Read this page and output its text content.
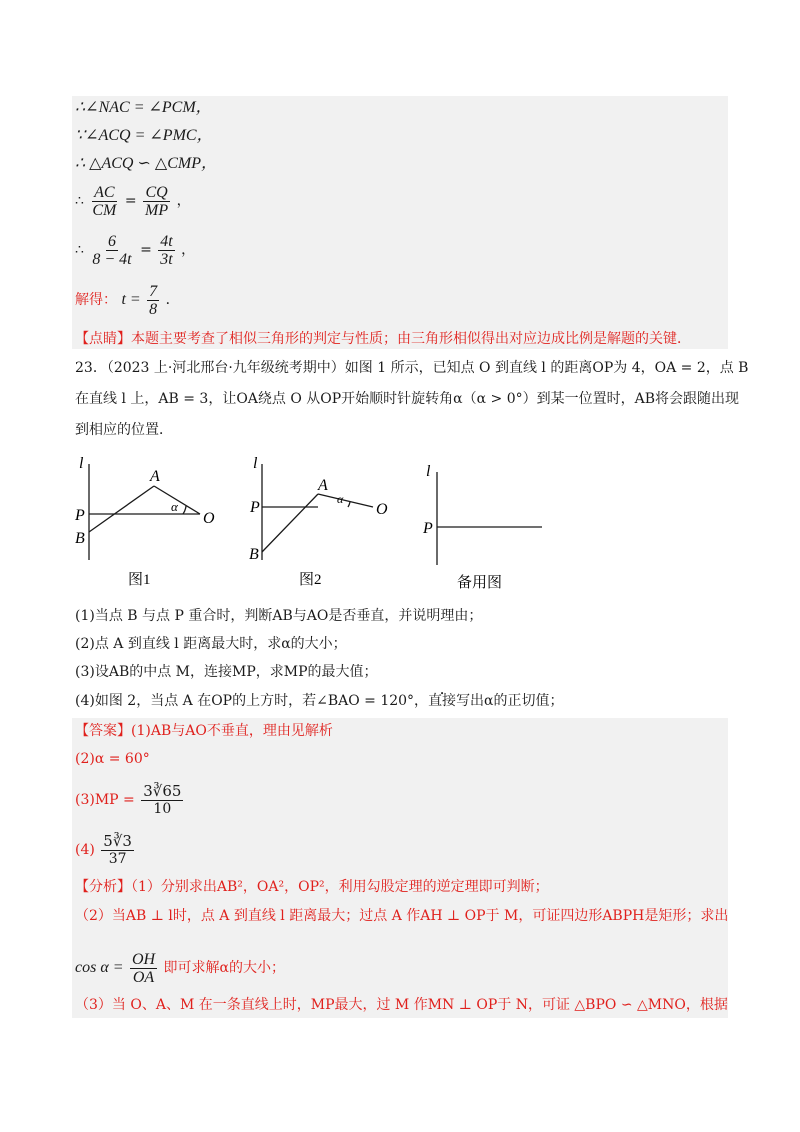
∴∠NAC = ∠PCM，
∵∠ACQ = ∠PMC，
∴ △ACQ ∽ △CMP，
∴ $\frac{AC}{CM} = \frac{CQ}{MP}$ ，
∴ $\frac{6}{8 - 4t} = \frac{4t}{3t}$ ，
解得： $t = \frac{7}{8}$ ．
【点睛】本题主要考查了相似三角形的判定与性质；由三角形相似得出对应边成比例是解题的关键．
23．（2023 上·河北邢台·九年级统考期中）如图 1 所示，已知点 O 到直线 l 的距离OP为 4，OA = 2，点 B
在直线 l 上，AB = 3，让OA绕点 O 从OP开始顺时针旋转角α（α > 0°）到某一位置时，AB将会跟随出现
到相应的位置．
l
A
P	O
B
α
l
A
P	O
B
α
l
P
图1	图2	备用图
(1)当点 B 与点 P 重合时，判断AB与AO是否垂直，并说明理由；
(2)点 A 到直线 l 距离最大时，求α的大小；
(3)设AB的中点 M，连接MP，求MP的最大值；
(4)如图 2，当点 A 在OP的上方时，若∠BAO = 120°，直接写出α的正切值；
【答案】(1)AB与AO不垂直，理由见解析
(2)α = 60°
$(3)MP = \frac{3∛65}{10}$
$(4) \frac{5∛3}{37}$
【分析】（1）分别求出AB²，OA²，OP²，利用勾股定理的逆定理即可判断；
（2）当AB ⊥ l时，点 A 到直线 l 距离最大；过点 A 作AH ⊥ OP于 M，可证四边形ABPH是矩形；求出
$\cos \alpha = \frac{OH}{OA}$ 即可求解α的大小；
（3）当 O、A、M 在一条直线上时，MP最大，过 M 作MN ⊥ OP于 N，可证 △BPO ∽ △MNO，根据
